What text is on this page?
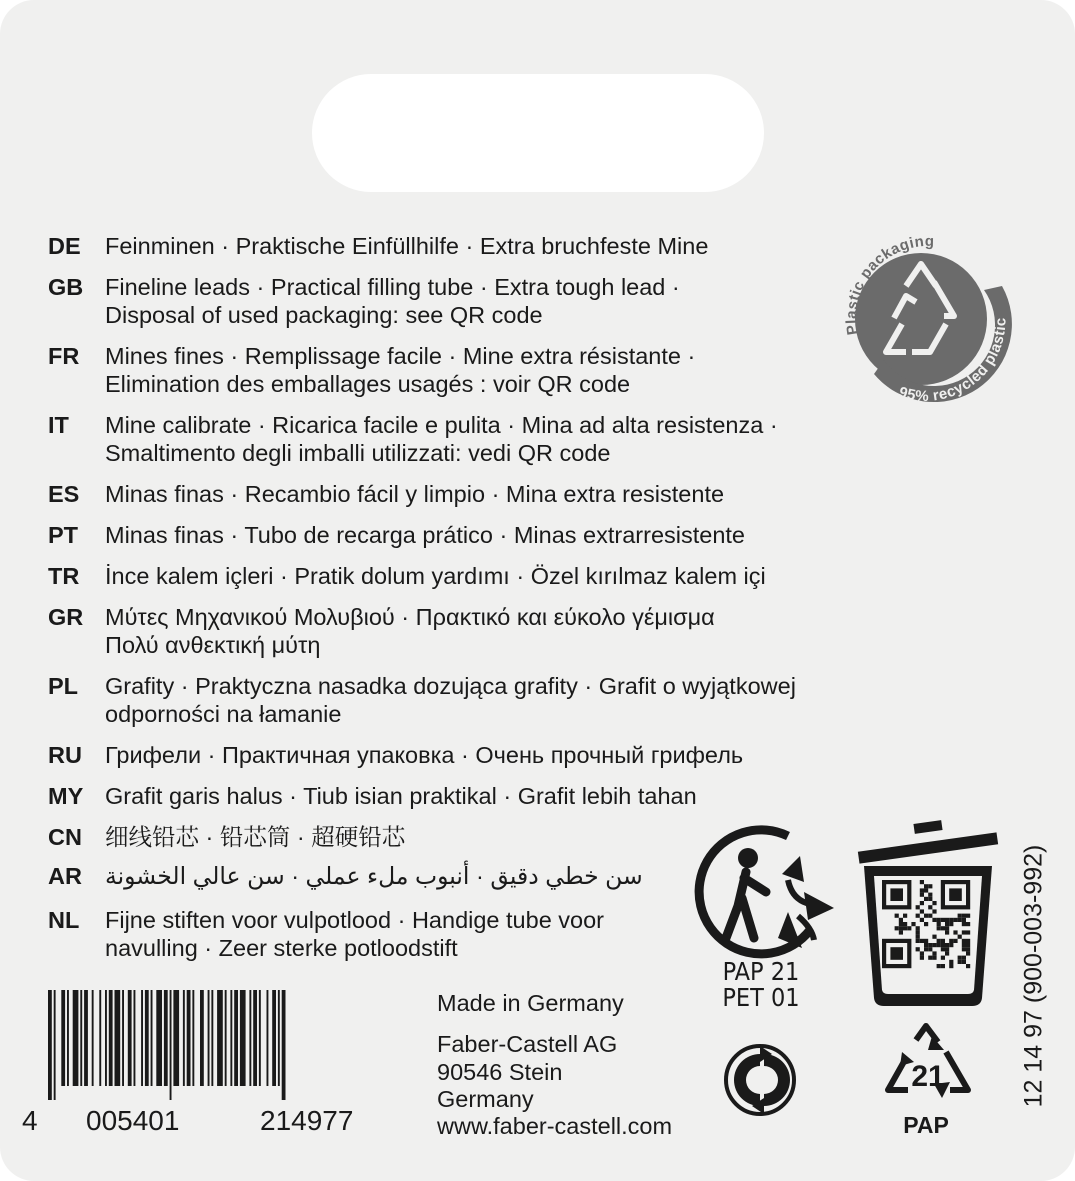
DE	Feinminen · Praktische Einfüllhilfe · Extra bruchfeste Mine
GB Fineline leads · Practical filling tube · Extra tough lead ·
Disposal of used packaging: see QR code
FR	Mines fines · Remplissage facile · Mine extra résistante ·
Elimination des emballages usagés : voir QR code
IT	Mine calibrate · Ricarica facile e pulita · Mina ad alta resistenza ·
Smaltimento degli imballi utilizzati: vedi QR code
ES	Minas finas · Recambio fácil y limpio · Mina extra resistente
PT	Minas finas · Tubo de recarga prático · Minas extrarresistente
TR	İnce kalem içleri · Pratik dolum yardımı · Özel kırılmaz kalem içi
GR Μύτες Μηχανικού Μολυβιού · Πρακτικό και εύκολο γέμισμα
Πολύ ανθεκτική μύτη
PL	Grafity · Praktyczna nasadka dozująca grafity · Grafit o wyjątkowej
odporności na łamanie
RU Грифели · Практичная упаковка · Очень прочный грифель
MY Grafit garis halus · Tiub isian praktikal · Grafit lebih tahan
CN 细线铅芯 · 铅芯筒 · 超硬铅芯
AR سن خطي دقيق · أنبوب ملء عملي · سن عالي الخشونة
NL	Fijne stiften voor vulpotlood · Handige tube voor
navulling · Zeer sterke potloodstift
Plastic packaging
95% recycled plastic
4 005401	214977
Made in Germany
Faber-Castell AG
90546 Stein
Germany
www.faber-castell.com
PAP 21
PET 01
21
PAP
12 14 97 (900-003-992)
